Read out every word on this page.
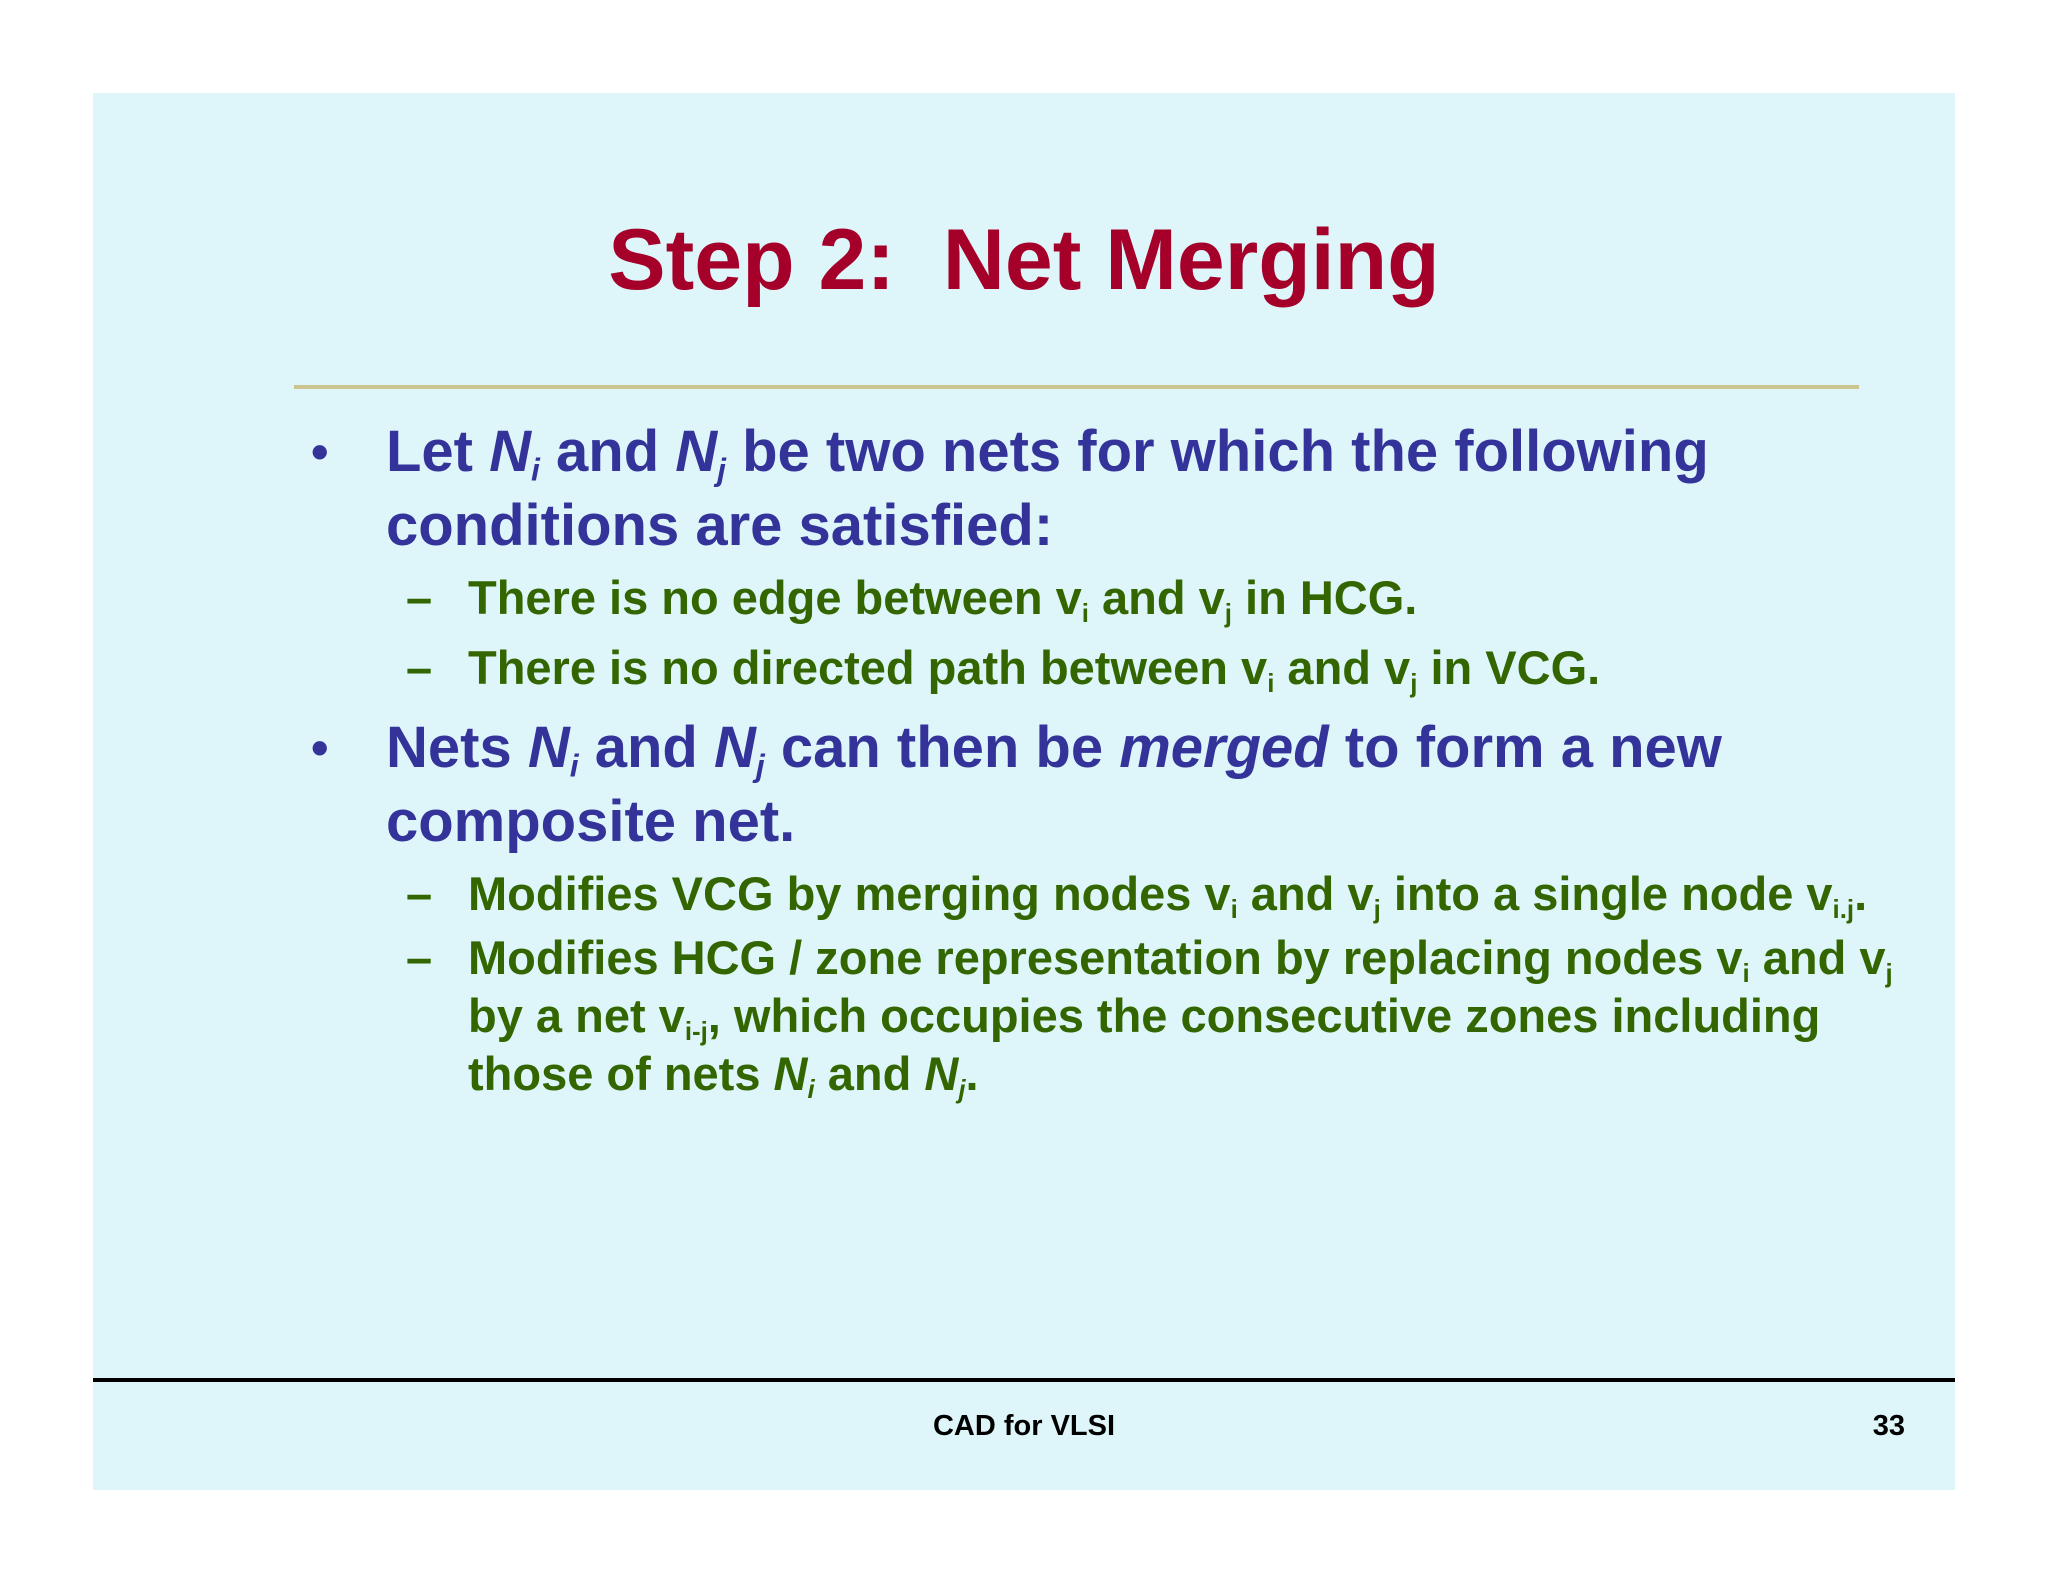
Step 2:  Net Merging
• Let $N_i$ and $N_j$ be two nets for which the following conditions are satisfied:
– There is no edge between $v_i$ and $v_j$ in HCG.
– There is no directed path between $v_i$ and $v_j$ in VCG.
• Nets $N_i$ and $N_j$ can then be merged to form a new composite net.
– Modifies VCG by merging nodes $v_i$ and $v_j$ into a single node $v_{i.j}$.
– Modifies HCG / zone representation by replacing nodes $v_i$ and $v_j$ by a net $v_{i-j}$, which occupies the consecutive zones including those of nets $N_i$ and $N_j$.
CAD for VLSI	33
